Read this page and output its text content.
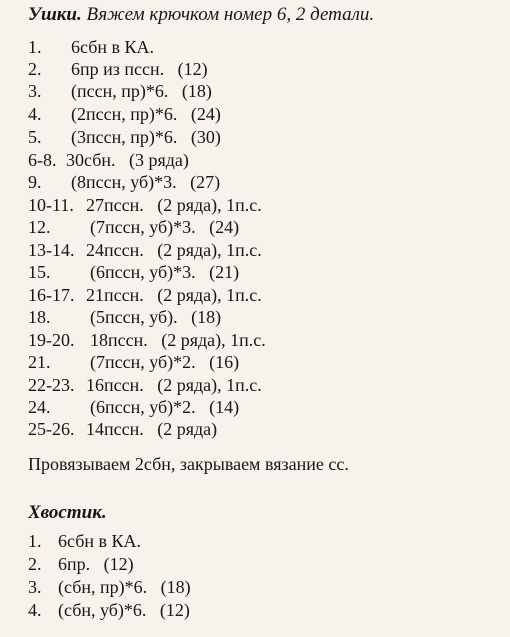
Ушки. Вяжем крючком номер 6, 2 детали.
1. 6сбн в КА.
2. 6пр из пссн.   (12)
3. (пссн, пр)*6.   (18)
4. (2пссн, пр)*6.   (24)
5. (3пссн, пр)*6.   (30)
6-8. 30сбн.   (3 ряда)
9. (8пссн, уб)*3.   (27)
10-11. 27пссн.   (2 ряда), 1п.с.
12. (7пссн, уб)*3.   (24)
13-14. 24пссн.   (2 ряда), 1п.с.
15. (6пссн, уб)*3.   (21)
16-17. 21пссн.   (2 ряда), 1п.с.
18. (5пссн, уб).   (18)
19-20. 18пссн.   (2 ряда), 1п.с.
21. (7пссн, уб)*2.   (16)
22-23. 16пссн.   (2 ряда), 1п.с.
24. (6пссн, уб)*2.   (14)
25-26. 14пссн.   (2 ряда)
Провязываем 2сбн, закрываем вязание сс.
Хвостик.
1. 6сбн в КА.
2. 6пр.   (12)
3. (сбн, пр)*6.   (18)
4. (сбн, уб)*6.   (12)
